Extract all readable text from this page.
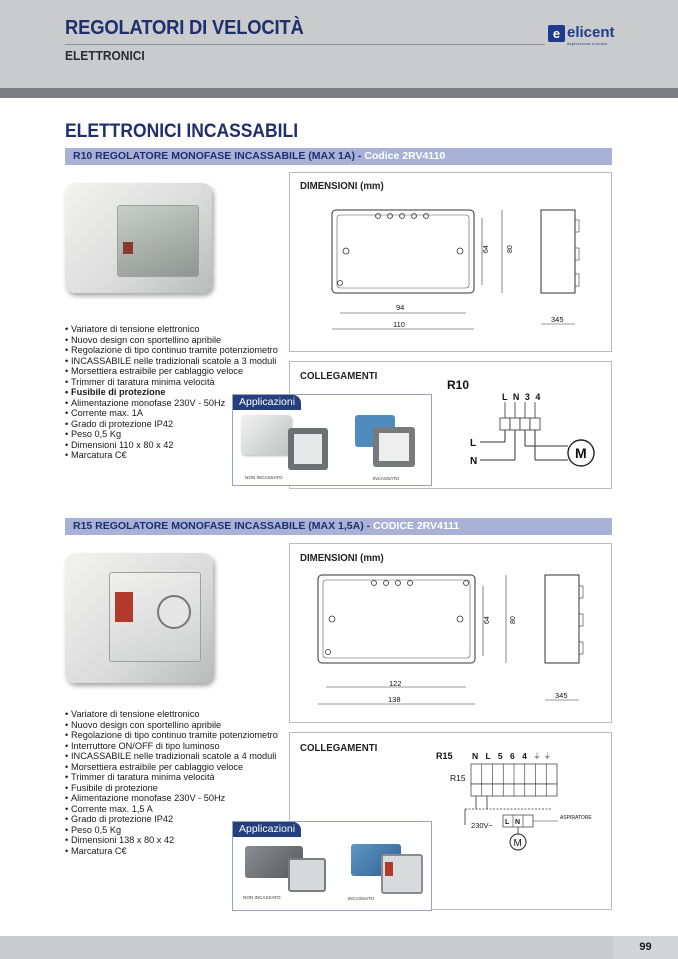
REGOLATORI DI VELOCITÀ
ELETTRONICI
e elicent
aspirazione evoluta
ELETTRONICI INCASSABILI
R10 REGOLATORE MONOFASE INCASSABILE (MAX 1A) - Codice 2RV4110
• Variatore di tensione elettronico
• Nuovo design con sportellino apribile
• Regolazione di tipo continuo tramite potenziometro
• INCASSABILE nelle tradizionali scatole a 3 moduli
• Morsettiera estraibile per cablaggio veloce
• Trimmer di taratura minima velocità
• Fusibile di protezione
• Alimentazione monofase 230V - 50Hz
• Corrente max. 1A
• Grado di protezione IP42
• Peso 0,5 Kg
• Dimensioni 110 x 80 x 42
• Marcatura C€
DIMENSIONI (mm)
64 80
94
110
345
COLLEGAMENTI
R10
L N 3 4
L
N
M
Applicazioni
NON INCASSATO	INCASSATO
R15 REGOLATORE MONOFASE INCASSABILE (MAX 1,5A) - CODICE 2RV4111
• Variatore di tensione elettronico
• Nuovo design con sportellino apribile
• Regolazione di tipo continuo tramite potenziometro
• Interruttore ON/OFF di tipo luminoso
• INCASSABILE nelle tradizionali scatole a 4 moduli
• Morsettiera estraibile per cablaggio veloce
• Trimmer di taratura minima velocità
• Fusibile di protezione
• Alimentazione monofase 230V - 50Hz
• Corrente max. 1,5 A
• Grado di protezione IP42
• Peso 0,5 Kg
• Dimensioni 138 x 80 x 42
• Marcatura C€
DIMENSIONI (mm)
64	80
122
138	345
COLLEGAMENTI
R15 N L 5 6 4 ⏚ ⏚
R15
230V~ L N
ASPIRATORE
M
Applicazioni
NON INCASSATO	INCASSATO
99
